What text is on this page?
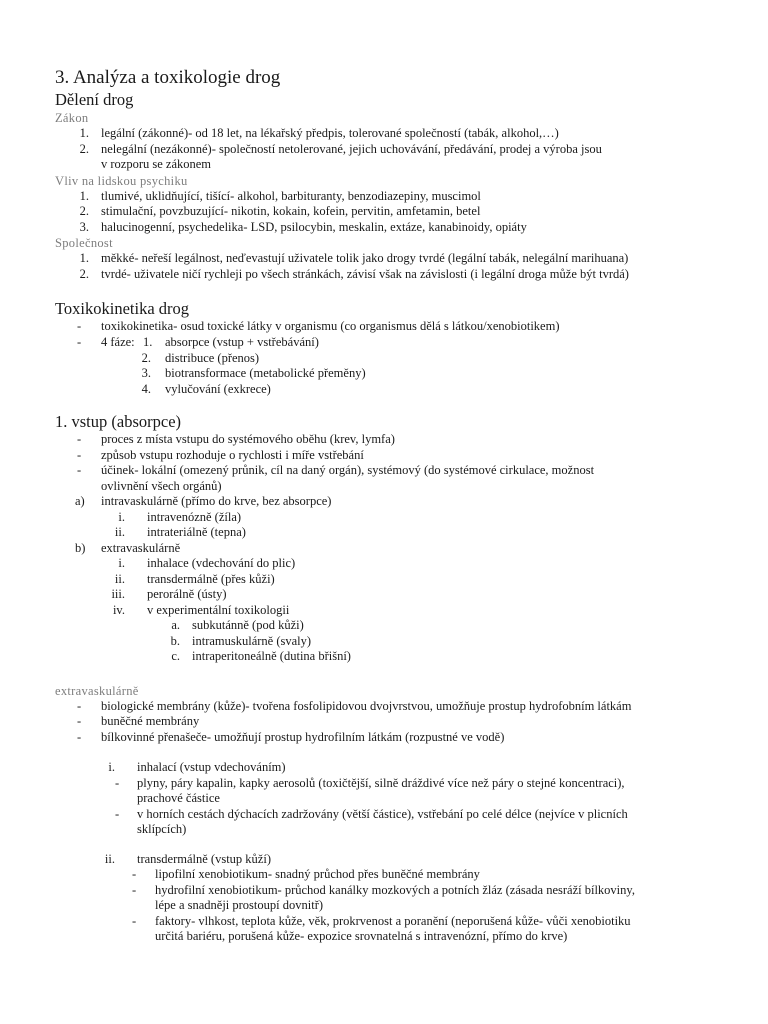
3. Analýza a toxikologie drog
Dělení drog
Zákon
1. legální (zákonné)- od 18 let, na lékařský předpis, tolerované společností (tabák, alkohol,…)
2. nelegální (nezákonné)- společností netolerované, jejich uchovávání, předávání, prodej a výroba jsou
v rozporu se zákonem
Vliv na lidskou psychiku
1. tlumivé, uklidňující, tišící- alkohol, barbituranty, benzodiazepiny, muscimol
2. stimulační, povzbuzující- nikotin, kokain, kofein, pervitin, amfetamin, betel
3. halucinogenní, psychedelika- LSD, psilocybin, meskalin, extáze, kanabinoidy, opiáty
Společnost
1. měkké- neřeší legálnost, neďevastují uživatele tolik jako drogy tvrdé (legální tabák, nelegální marihuana)
2. tvrdé- uživatele ničí rychleji po všech stránkách, závisí však na závislosti (i legální droga může být tvrdá)
Toxikokinetika drog
- toxikokinetika- osud toxické látky v organismu (co organismus dělá s látkou/xenobiotikem)
- 4 fáze: 1. absorpce (vstup + vstřebávání)
2. distribuce (přenos)
3. biotransformace (metabolické přeměny)
4. vylučování (exkrece)
1. vstup (absorpce)
- proces z místa vstupu do systémového oběhu (krev, lymfa)
- způsob vstupu rozhoduje o rychlosti i míře vstřebání
- účinek- lokální (omezený průnik, cíl na daný orgán), systémový (do systémové cirkulace, možnost
ovlivnění všech orgánů)
a) intravaskulárně (přímo do krve, bez absorpce)
i. intravenózně (žíla)
ii. intrateriálně (tepna)
b) extravaskulárně
i. inhalace (vdechování do plic)
ii. transdermálně (přes kůži)
iii. perorálně (ústy)
iv. v experimentální toxikologii
a. subkutánně (pod kůži)
b. intramuskulárně (svaly)
c. intraperitoneálně (dutina břišní)
extravaskulárně
- biologické membrány (kůže)- tvořena fosfolipidovou dvojvrstvou, umožňuje prostup hydrofobním látkám
- buněčné membrány
- bílkovinné přenašeče- umožňují prostup hydrofilním látkám (rozpustné ve vodě)
i. inhalací (vstup vdechováním)
- plyny, páry kapalin, kapky aerosolů (toxičtější, silně dráždivé více než páry o stejné koncentraci),
prachové částice
- v horních cestách dýchacích zadržovány (větší částice), vstřebání po celé délce (nejvíce v plicních
sklípcích)
ii. transdermálně (vstup kůží)
- lipofilní xenobiotikum- snadný průchod přes buněčné membrány
- hydrofilní xenobiotikum- průchod kanálky mozkových a potních žláz (zásada nesráží bílkoviny,
lépe a snadněji prostoupí dovnitř)
- faktory- vlhkost, teplota kůže, věk, prokrvenost a poranění (neporušená kůže- vůči xenobiotiku
určitá bariéru, porušená kůže- expozice srovnatelná s intravenózní, přímo do krve)
